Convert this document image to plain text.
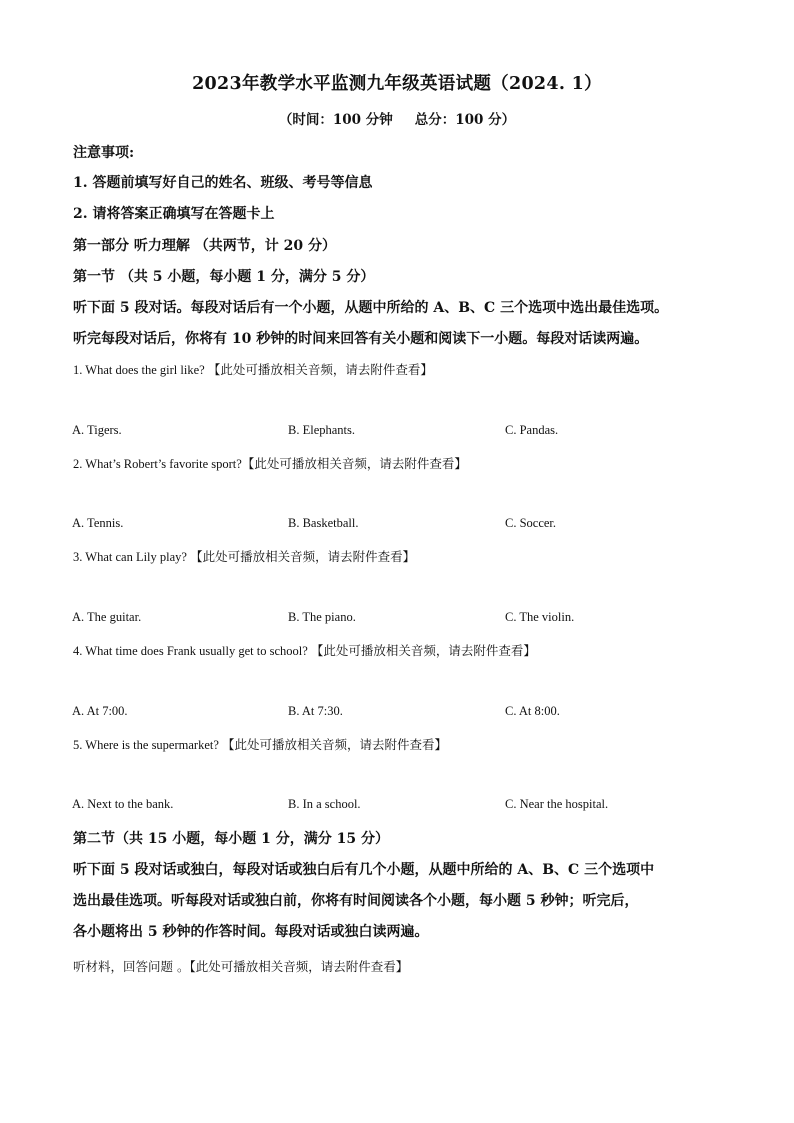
2023年教学水平监测九年级英语试题（2024. 1）
（时间：100 分钟 总分：100 分）
注意事项:
1. 答题前填写好自己的姓名、班级、考号等信息
2. 请将答案正确填写在答题卡上
第一部分 听力理解 （共两节，计 20 分）
第一节 （共 5 小题，每小题 1 分，满分 5 分）
听下面 5 段对话。每段对话后有一个小题，从题中所给的 A、B、C 三个选项中选出最佳选项。
听完每段对话后，你将有 10 秒钟的时间来回答有关小题和阅读下一小题。每段对话读两遍。
1. What does the girl like? 【此处可播放相关音频，请去附件查看】
A. Tigers.	B. Elephants.	C. Pandas.
2. What’s Robert’s favorite sport?【此处可播放相关音频，请去附件查看】
A. Tennis.	B. Basketball.	C. Soccer.
3. What can Lily play? 【此处可播放相关音频，请去附件查看】
A. The guitar.	B. The piano.	C. The violin.
4. What time does Frank usually get to school? 【此处可播放相关音频，请去附件查看】
A. At 7:00.	B. At 7:30.	C. At 8:00.
5. Where is the supermarket? 【此处可播放相关音频，请去附件查看】
A. Next to the bank.	B. In a school.	C. Near the hospital.
第二节（共 15 小题，每小题 1 分，满分 15 分）
听下面 5 段对话或独白，每段对话或独白后有几个小题，从题中所给的 A、B、C 三个选项中
选出最佳选项。听每段对话或独白前，你将有时间阅读各个小题，每小题 5 秒钟；听完后，
各小题将出 5 秒钟的作答时间。每段对话或独白读两遍。
听材料，回答问题 。【此处可播放相关音频，请去附件查看】
